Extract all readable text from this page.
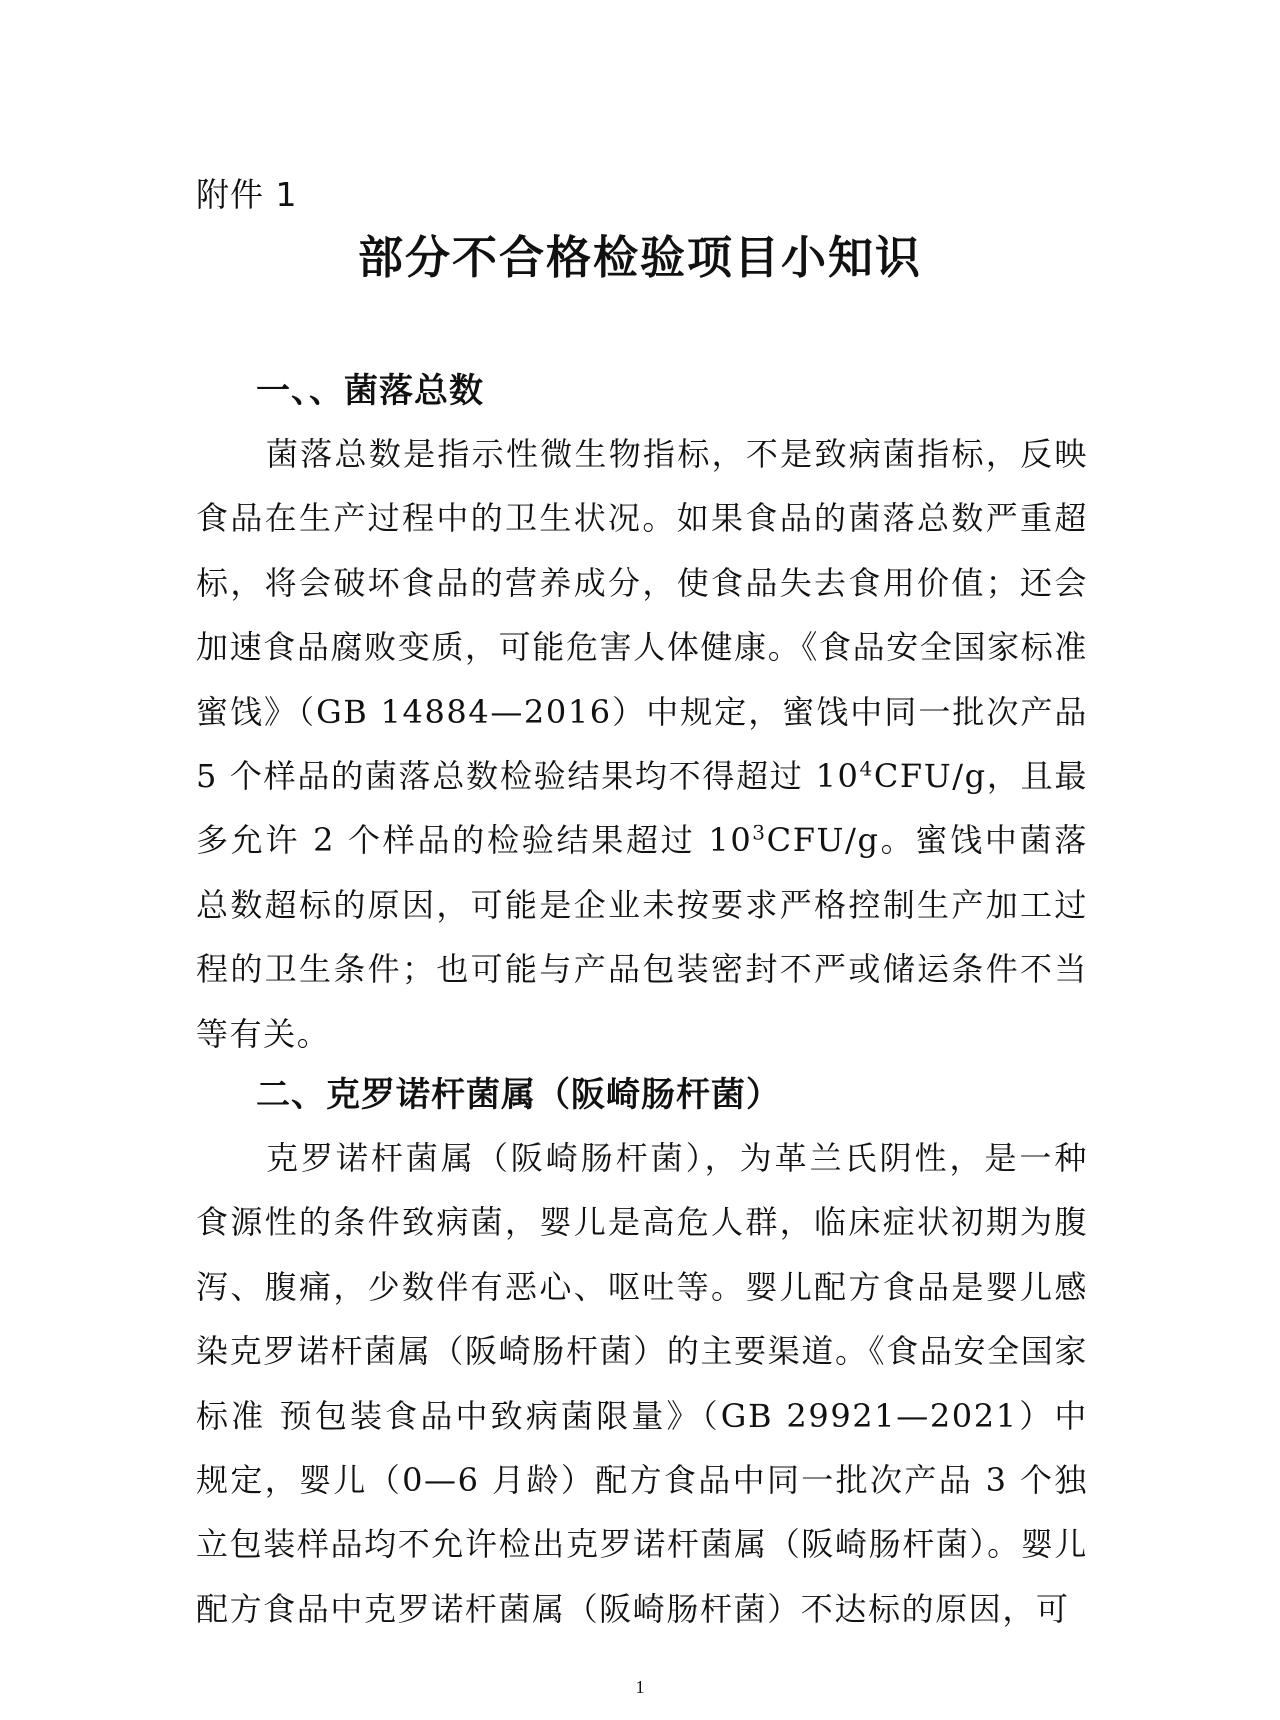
附件 1
部分不合格检验项目小知识
一、、菌落总数

菌落总数是指示性微生物指标，不是致病菌指标，反映食品在生产过程中的卫生状况。如果食品的菌落总数严重超标，将会破坏食品的营养成分，使食品失去食用价值；还会加速食品腐败变质，可能危害人体健康。《食品安全国家标准 蜜饯》（GB 14884—2016）中规定，蜜饯中同一批次产品 5 个样品的菌落总数检验结果均不得超过 $10^4CFU/g$，且最多允许 2 个样品的检验结果超过 $10^3CFU/g$。蜜饯中菌落总数超标的原因，可能是企业未按要求严格控制生产加工过程的卫生条件；也可能与产品包装密封不严或储运条件不当等有关。

二、克罗诺杆菌属（阪崎肠杆菌）

克罗诺杆菌属（阪崎肠杆菌），为革兰氏阴性，是一种食源性的条件致病菌，婴儿是高危人群，临床症状初期为腹泻、腹痛，少数伴有恶心、呕吐等。婴儿配方食品是婴儿感染克罗诺杆菌属（阪崎肠杆菌）的主要渠道。《食品安全国家标准 预包装食品中致病菌限量》（GB 29921—2021）中规定，婴儿（0—6 月龄）配方食品中同一批次产品 3 个独立包装样品均不允许检出克罗诺杆菌属（阪崎肠杆菌）。婴儿配方食品中克罗诺杆菌属（阪崎肠杆菌）不达标的原因，可

1
